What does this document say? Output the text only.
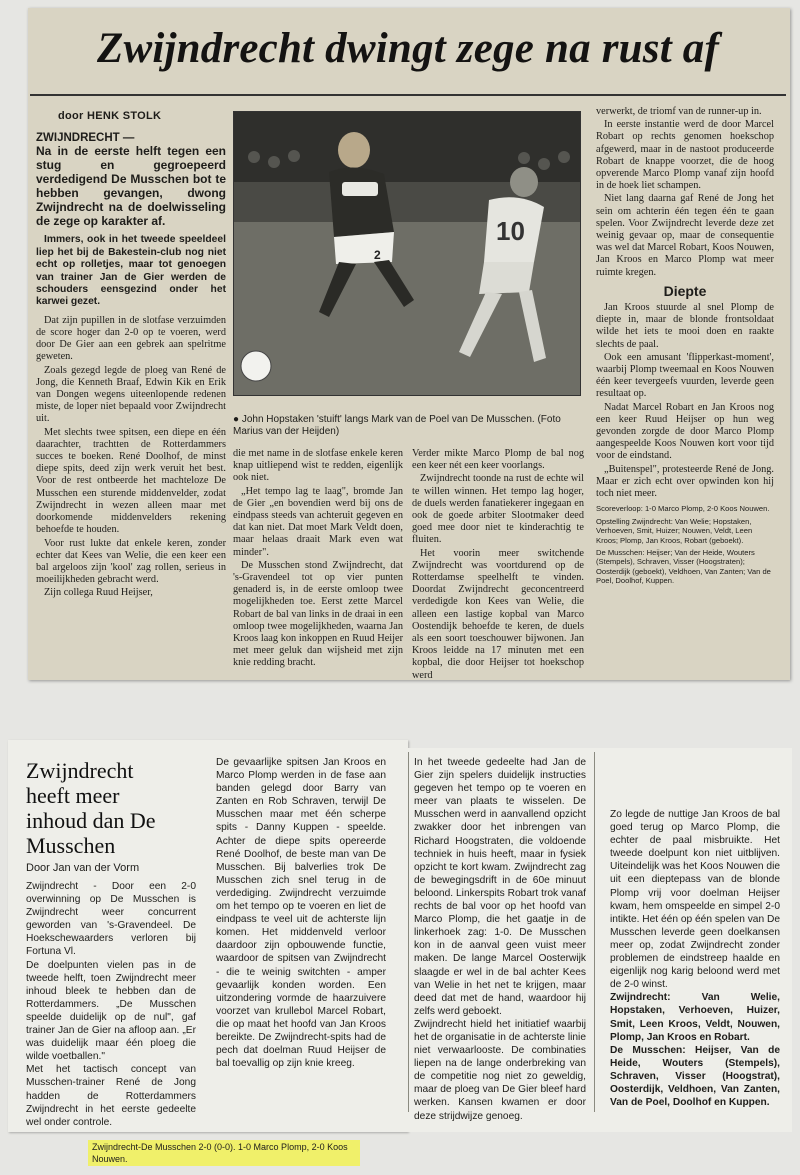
Zwijndrecht dwingt zege na rust af
door HENK STOLK
ZWIJNDRECHT —
Na in de eerste helft tegen een stug en gegroepeerd verdedigend De Musschen bot te hebben gevangen, dwong Zwijndrecht na de doelwisseling de zege op karakter af.
Immers, ook in het tweede speeldeel liep het bij de Bakestein-club nog niet echt op rolletjes, maar tot genoegen van trainer Jan de Gier werden de schouders eensgezind onder het karwei gezet.

Dat zijn pupillen in de slotfase verzuimden de score hoger dan 2-0 op te voeren, werd door De Gier aan een gebrek aan spelritme geweten.

Zoals gezegd legde de ploeg van René de Jong, die Kenneth Braaf, Edwin Kik en Erik van Dongen wegens uiteenlopende redenen miste, de loper niet bepaald voor Zwijndrecht uit.

Met slechts twee spitsen, een diepe en één daarachter, trachtten de Rotterdammers succes te boeken. René Doolhof, de minst diepe spits, deed zijn werk veruit het best. Voor de rest ontbeerde het machteloze De Musschen een sturende middenvelder, zodat Zwijndrecht in wezen alleen maar met doorkomende middenvelders rekening behoefde te houden.

Voor rust lukte dat enkele keren, zonder echter dat Kees van Welie, die een keer een bal argeloos zijn 'kool' zag rollen, serieus in moeilijkheden gebracht werd.

Zijn collega Ruud Heijser,

2
10
● John Hopstaken 'stuift' langs Mark van de Poel van De Musschen. (Foto Marius van der Heijden)

die met name in de slotfase enkele keren knap uitliepend wist te redden, eigenlijk ook niet.

„Het tempo lag te laag", bromde Jan de Gier „en bovendien werd bij ons de eindpass steeds van achteruit gegeven en dat kan niet. Dat moet Mark Veldt doen, maar helaas draait Mark even wat minder".

De Musschen stond Zwijndrecht, dat 's-Gravendeel tot op vier punten genaderd is, in de eerste omloop twee mogelijkheden toe. Eerst zette Marcel Robart de bal van links in de draai in een omloop twee mogelijkheden, waarna Jan Kroos laag kon inkoppen en Ruud Heijer met meer geluk dan wijsheid met zijn knie redding bracht.

Verder mikte Marco Plomp de bal nog een keer nét een keer voorlangs.

Zwijndrecht toonde na rust de echte wil te willen winnen. Het tempo lag hoger, de duels werden fanatiekerer ingegaan en ook de goede arbiter Slootmaker deed goed mee door niet te kinderachtig te fluiten.

Het voorin meer switchende Zwijndrecht was voortdurend op de Rotterdamse speelhelft te vinden. Doordat Zwijndrecht geconcentreerd verdedigde kon Kees van Welie, die alleen een lastige kopbal van Marco Oostendijk behoefde te keren, de duels als een soort toeschouwer bijwonen. Jan Kroos leidde na 17 minuten met een kopbal, die door Heijser tot hoekschop werd

verwerkt, de triomf van de runner-up in.

In eerste instantie werd de door Marcel Robart op rechts genomen hoekschop afgewerd, maar in de nastoot produceerde Robart de knappe voorzet, die de hoog opverende Marco Plomp vanaf zijn hoofd in de hoek liet schampen.

Niet lang daarna gaf René de Jong het sein om achterin één tegen één te gaan spelen. Voor Zwijndrecht leverde deze zet weinig gevaar op, maar de consequentie was wel dat Marcel Robart, Koos Nouwen, Jan Kroos en Marco Plomp wat meer ruimte kregen.

Diepte

Jan Kroos stuurde al snel Plomp de diepte in, maar de blonde frontsoldaat wilde het iets te mooi doen en raakte slechts de paal.

Ook een amusant 'flipperkast-moment', waarbij Plomp tweemaal en Koos Nouwen één keer tevergeefs vuurden, leverde geen resultaat op.

Nadat Marcel Robart en Jan Kroos nog een keer Ruud Heijser op hun weg gevonden zorgde de door Marco Plomp aangespeelde Koos Nouwen kort voor tijd voor de eindstand.

„Buitenspel", protesteerde René de Jong. Maar er zich echt over opwinden kon hij toch niet meer.

Scoreverloop: 1-0 Marco Plomp, 2-0 Koos Nouwen.
Opstelling Zwijndrecht: Van Welie; Hopstaken, Verhoeven, Smit, Huizer; Nouwen, Veldt, Leen Kroos; Plomp, Jan Kroos, Robart (geboekt).
De Musschen: Heijser; Van der Heide, Wouters (Stempels), Schraven, Visser (Hoogstraten); Oosterdijk (geboekt), Veldhoen, Van Zanten; Van de Poel, Doolhof, Kuppen.
Zwijndrecht heeft meer inhoud dan De Musschen
Door Jan van der Vorm

Zwijndrecht - Door een 2-0 overwinning op De Musschen is Zwijndrecht weer concurrent geworden van 's-Gravendeel. De Hoekschewaarders verloren bij Fortuna Vl.

De doelpunten vielen pas in de tweede helft, toen Zwijndrecht meer inhoud bleek te hebben dan de Rotterdammers. „De Musschen speelde duidelijk op de nul", gaf trainer Jan de Gier na afloop aan. „Er was duidelijk maar één ploeg die wilde voetballen."

Met het tactisch concept van Musschen-trainer René de Jong hadden de Rotterdammers Zwijndrecht in het eerste gedeelte wel onder controle.

De gevaarlijke spitsen Jan Kroos en Marco Plomp werden in de fase aan banden gelegd door Barry van Zanten en Rob Schraven, terwijl De Musschen maar met één scherpe spits - Danny Kuppen - speelde. Achter de diepe spits opereerde René Doolhof, de beste man van De Musschen. Bij balverlies trok De Musschen zich snel terug in de verdediging. Zwijndrecht verzuimde om het tempo op te voeren en liet de eindpass te veel uit de achterste lijn komen. Het middenveld verloor daardoor zijn opbouwende functie, waardoor de spitsen van Zwijndrecht - die te weinig switchten - amper gevaarlijk konden worden. Een uitzondering vormde de haarzuivere voorzet van krullebol Marcel Robart, die op maat het hoofd van Jan Kroos bereikte. De Zwijndrecht-spits had de pech dat doelman Ruud Heijser de bal toevallig op zijn knie kreeg.

In het tweede gedeelte had Jan de Gier zijn spelers duidelijk instructies gegeven het tempo op te voeren en meer van plaats te wisselen. De Musschen werd in aanvallend opzicht zwakker door het inbrengen van Richard Hoogstraten, die voldoende techniek in huis heeft, maar in fysiek opzicht te kort kwam. Zwijndrecht zag de bewegingsdrift in de 60e minuut beloond. Linkerspits Robart trok vanaf rechts de bal voor op het hoofd van Marco Plomp, die het gaatje in de linkerhoek zag: 1-0. De Musschen kon in de aanval geen vuist meer maken. De lange Marcel Oosterwijk slaagde er wel in de bal achter Kees van Welie in het net te krijgen, maar deed dat met de hand, waardoor hij zelfs werd geboekt.

Zwijndrecht hield het initiatief waarbij het de organisatie in de achterste linie niet verwaarlooste. De combinaties liepen na de lange onderbreking van de competitie nog niet zo geweldig, maar de ploeg van De Gier bleef hard werken. Kansen kwamen er door deze strijdwijze genoeg.

Zo legde de nuttige Jan Kroos de bal goed terug op Marco Plomp, die echter de paal misbruikte. Het tweede doelpunt kon niet uitblijven. Uiteindelijk was het Koos Nouwen die uit een dieptepass van de blonde Plomp vrij voor doelman Heijser kwam, hem omspeelde en simpel 2-0 intikte. Het één op één spelen van De Musschen leverde geen doelkansen meer op, zodat Zwijndrecht zonder problemen de eindstreep haalde en eigenlijk nog karig beloond werd met de 2-0 winst.

Zwijndrecht: Van Welie, Hopstaken, Verhoeven, Huizer, Smit, Leen Kroos, Veldt, Nouwen, Plomp, Jan Kroos en Robart.

De Musschen: Heijser, Van de Heide, Wouters (Stempels), Schraven, Visser (Hoogstrat), Oosterdijk, Veldhoen, Van Zanten, Van de Poel, Doolhof en Kuppen.

Zwijndrecht-De Musschen 2-0 (0-0). 1-0 Marco Plomp, 2-0 Koos Nouwen.
